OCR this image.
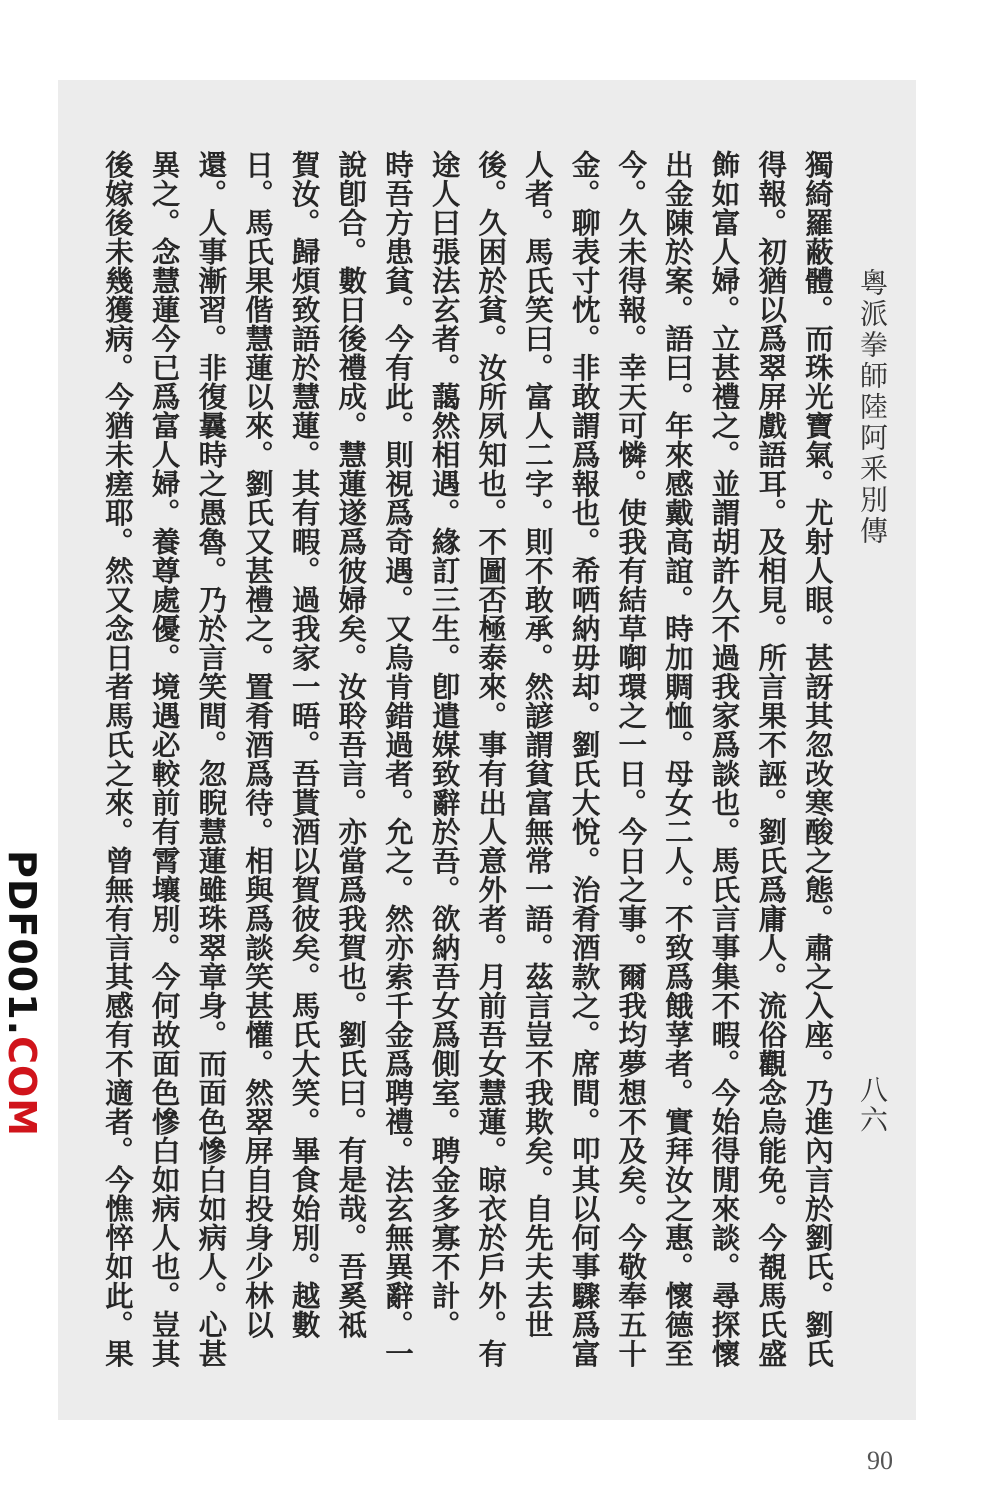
粵派拳師陸阿釆別傳
八六
獨綺羅蔽體。而珠光寶氣。尤射人眼。甚訝其忽改寒酸之態。肅之入座。乃進內言於劉氏。劉氏
得報。初猶以爲翠屏戲語耳。及相見。所言果不誣。劉氏爲庸人。流俗觀念烏能免。今覩馬氏盛
飾如富人婦。立甚禮之。並謂胡許久不過我家爲談也。馬氏言事集不暇。今始得閒來談。尋探懷
出金陳於案。語曰。年來感戴高誼。時加賙恤。母女二人。不致爲餓莩者。實拜汝之惠。懷德至
今。久未得報。幸天可憐。使我有結草啣環之一日。今日之事。爾我均夢想不及矣。今敬奉五十
金。聊表寸忱。非敢謂爲報也。希哂納毋却。劉氏大悅。治肴酒款之。席間。叩其以何事驟爲富
人者。馬氏笑曰。富人二字。則不敢承。然諺謂貧富無常一語。茲言豈不我欺矣。自先夫去世
後。久困於貧。汝所夙知也。不圖否極泰來。事有出人意外者。月前吾女慧蓮。晾衣於戶外。有
途人曰張法玄者。藹然相遇。緣訂三生。卽遣媒致辭於吾。欲納吾女爲側室。聘金多寡不計。
時吾方患貧。今有此。則視爲奇遇。又烏肯錯過者。允之。然亦索千金爲聘禮。法玄無異辭。一
說卽合。數日後禮成。慧蓮遂爲彼婦矣。汝聆吾言。亦當爲我賀也。劉氏曰。有是哉。吾奚祗
賀汝。歸煩致語於慧蓮。其有暇。過我家一晤。吾貰酒以賀彼矣。馬氏大笑。畢食始別。越數
日。馬氏果偕慧蓮以來。劉氏又甚禮之。置肴酒爲待。相與爲談笑甚懽。然翠屏自投身少林以
還。人事漸習。非復曩時之愚魯。乃於言笑間。忽睨慧蓮雖珠翠章身。而面色慘白如病人。心甚
異之。念慧蓮今已爲富人婦。養尊處優。境遇必較前有霄壤別。今何故面色慘白如病人也。豈其
後嫁後未幾獲病。今猶未瘥耶。然又念日者馬氏之來。曾無有言其感有不適者。今憔悴如此。果
PDF001.COM
90
